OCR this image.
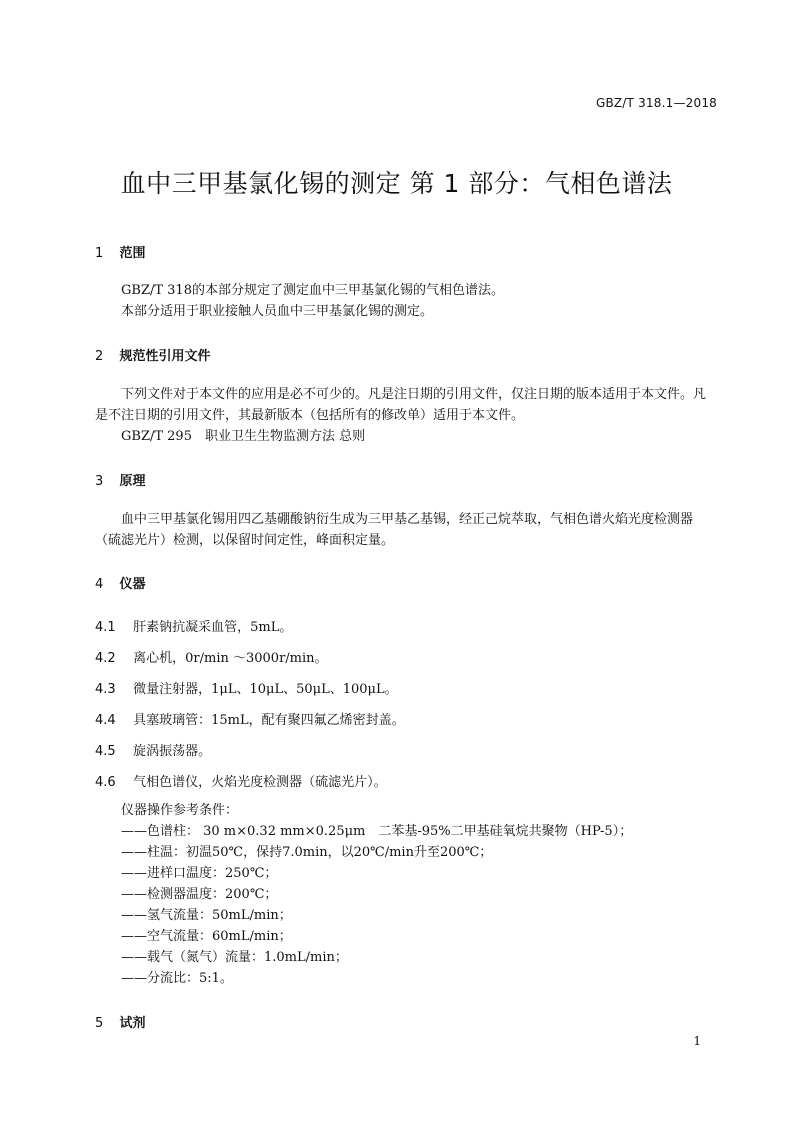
GBZ/T 318.1—2018
血中三甲基氯化锡的测定 第 1 部分：气相色谱法
1 范围
GBZ/T 318的本部分规定了测定血中三甲基氯化锡的气相色谱法。
本部分适用于职业接触人员血中三甲基氯化锡的测定。
2 规范性引用文件
下列文件对于本文件的应用是必不可少的。凡是注日期的引用文件，仅注日期的版本适用于本文件。凡是不注日期的引用文件，其最新版本（包括所有的修改单）适用于本文件。
GBZ/T 295　职业卫生生物监测方法 总则
3 原理
血中三甲基氯化锡用四乙基硼酸钠衍生成为三甲基乙基锡，经正己烷萃取，气相色谱火焰光度检测器（硫滤光片）检测，以保留时间定性，峰面积定量。
4 仪器
4.1 肝素钠抗凝采血管，5mL。
4.2 离心机，0r/min ～3000r/min。
4.3 微量注射器，1μL、10μL、50μL、100μL。
4.4 具塞玻璃管：15mL，配有聚四氟乙烯密封盖。
4.5 旋涡振荡器。
4.6 气相色谱仪，火焰光度检测器（硫滤光片）。
仪器操作参考条件：
——色谱柱： 30 m×0.32 mm×0.25μm　二苯基-95%二甲基硅氧烷共聚物（HP-5）；
——柱温：初温50℃，保持7.0min，以20℃/min升至200℃；
——进样口温度：250℃；
——检测器温度：200℃；
——氢气流量：50mL/min；
——空气流量：60mL/min；
——载气（氮气）流量：1.0mL/min；
——分流比：5:1。
5 试剂
1
